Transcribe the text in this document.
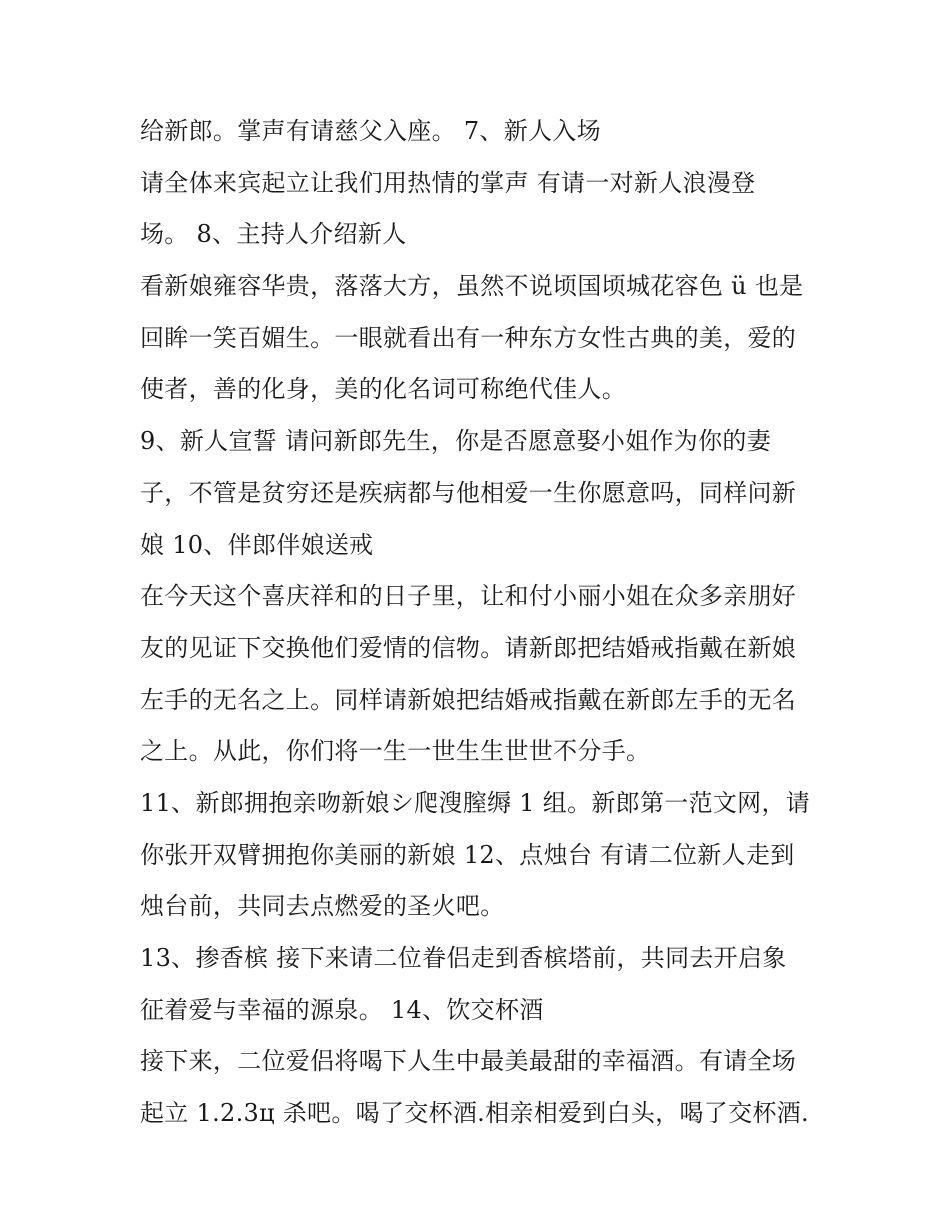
给新郎。掌声有请慈父入座。 7、新人入场
请全体来宾起立让我们用热情的掌声 有请一对新人浪漫登
场。 8、主持人介绍新人
看新娘雍容华贵，落落大方，虽然不说顷国顷城花容色 ü 也是
回眸一笑百媚生。一眼就看出有一种东方女性古典的美，爱的
使者，善的化身，美的化名词可称绝代佳人。
9、新人宣誓 请问新郎先生，你是否愿意娶小姐作为你的妻
子，不管是贫穷还是疾病都与他相爱一生你愿意吗，同样问新
娘 10、伴郎伴娘送戒
在今天这个喜庆祥和的日子里，让和付小丽小姐在众多亲朋好
友的见证下交换他们爱情的信物。请新郎把结婚戒指戴在新娘
左手的无名之上。同样请新娘把结婚戒指戴在新郎左手的无名
之上。从此，你们将一生一世生生世世不分手。
11、新郎拥抱亲吻新娘シ爬溲膣缛 1 组。新郎第一范文网，请
你张开双臂拥抱你美丽的新娘 12、点烛台 有请二位新人走到
烛台前，共同去点燃爱的圣火吧。
13、掺香槟 接下来请二位眷侣走到香槟塔前，共同去开启象
征着爱与幸福的源泉。 14、饮交杯酒
接下来，二位爱侣将喝下人生中最美最甜的幸福酒。有请全场
起立 1.2.3ц 杀吧。喝了交杯酒.相亲相爱到白头，喝了交杯酒.
